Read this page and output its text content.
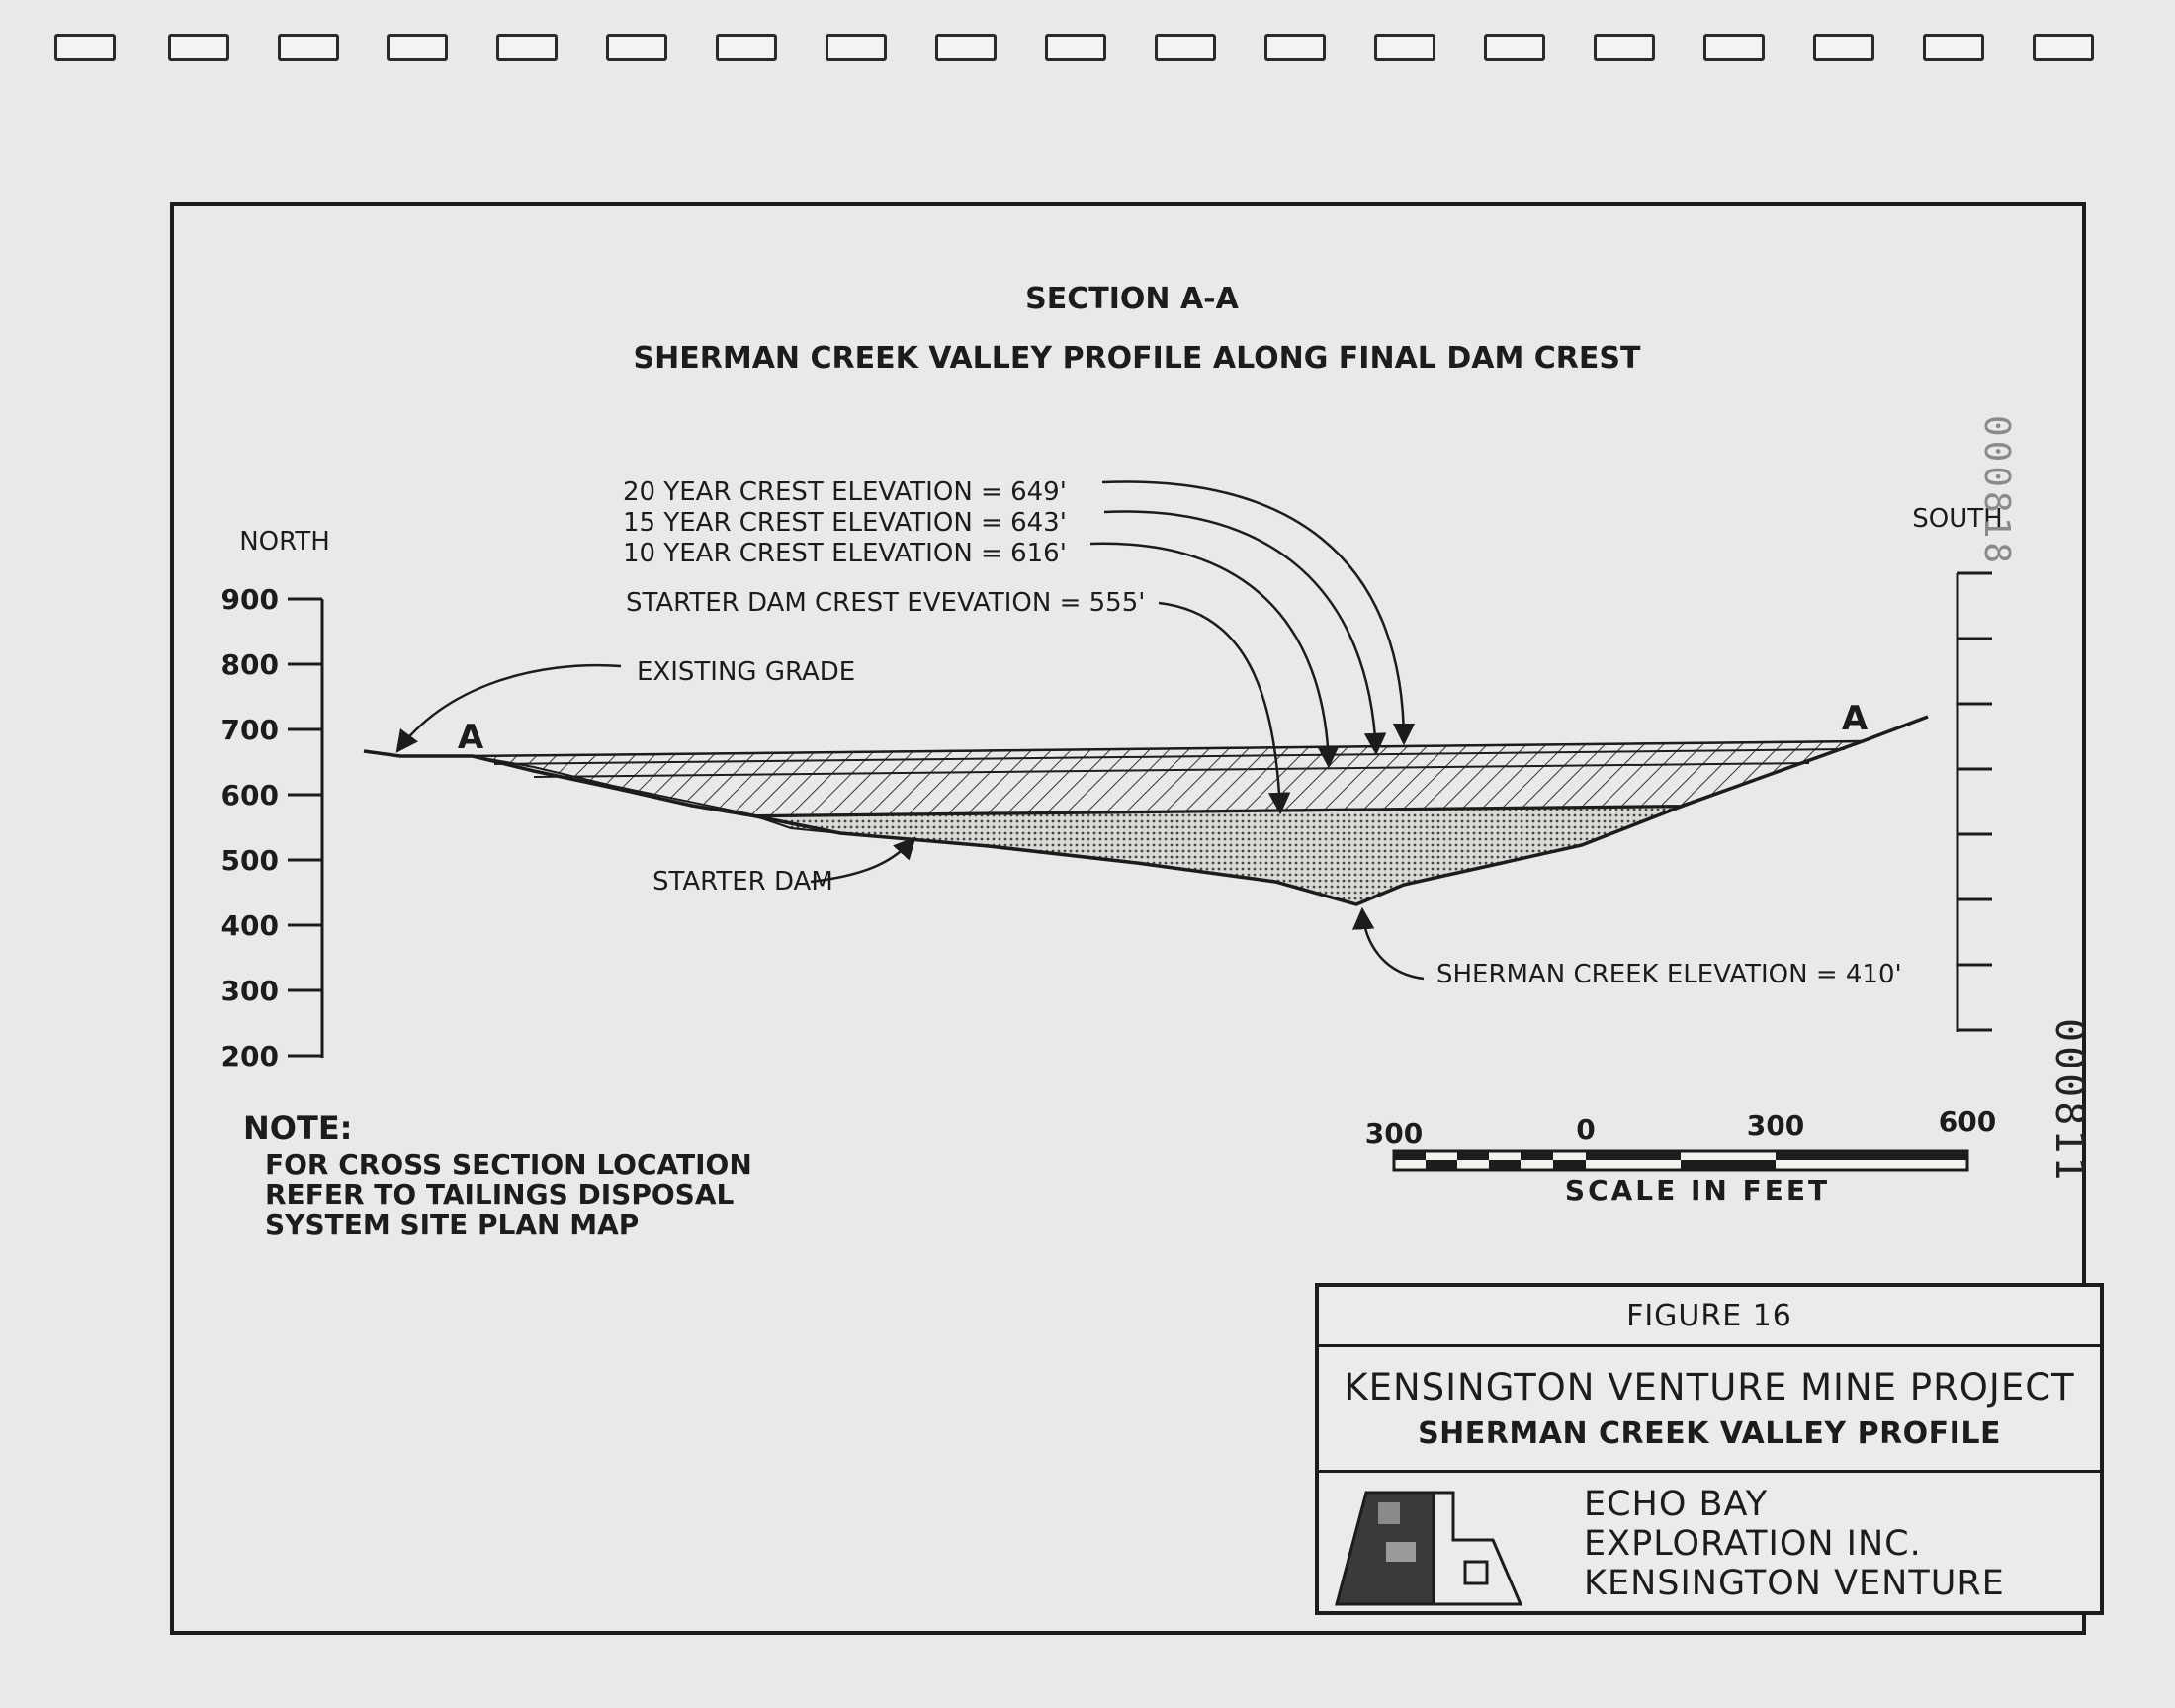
SECTION A-A
SHERMAN CREEK VALLEY PROFILE ALONG FINAL DAM CREST
NORTH
SOUTH
900
800
700
600
500
400
300
200
A	A
20 YEAR CREST ELEVATION = 649'
15 YEAR CREST ELEVATION = 643'
10 YEAR CREST ELEVATION = 616'
STARTER DAM CREST EVEVATION = 555'
EXISTING GRADE
STARTER DAM
SHERMAN CREEK ELEVATION = 410'
NOTE:
FOR CROSS SECTION LOCATION
REFER TO TAILINGS DISPOSAL
SYSTEM SITE PLAN MAP
300	0	300	600
SCALE IN FEET
000818
000811
FIGURE 16
KENSINGTON VENTURE MINE PROJECT
SHERMAN CREEK VALLEY PROFILE
ECHO BAY
EXPLORATION INC.
KENSINGTON VENTURE
